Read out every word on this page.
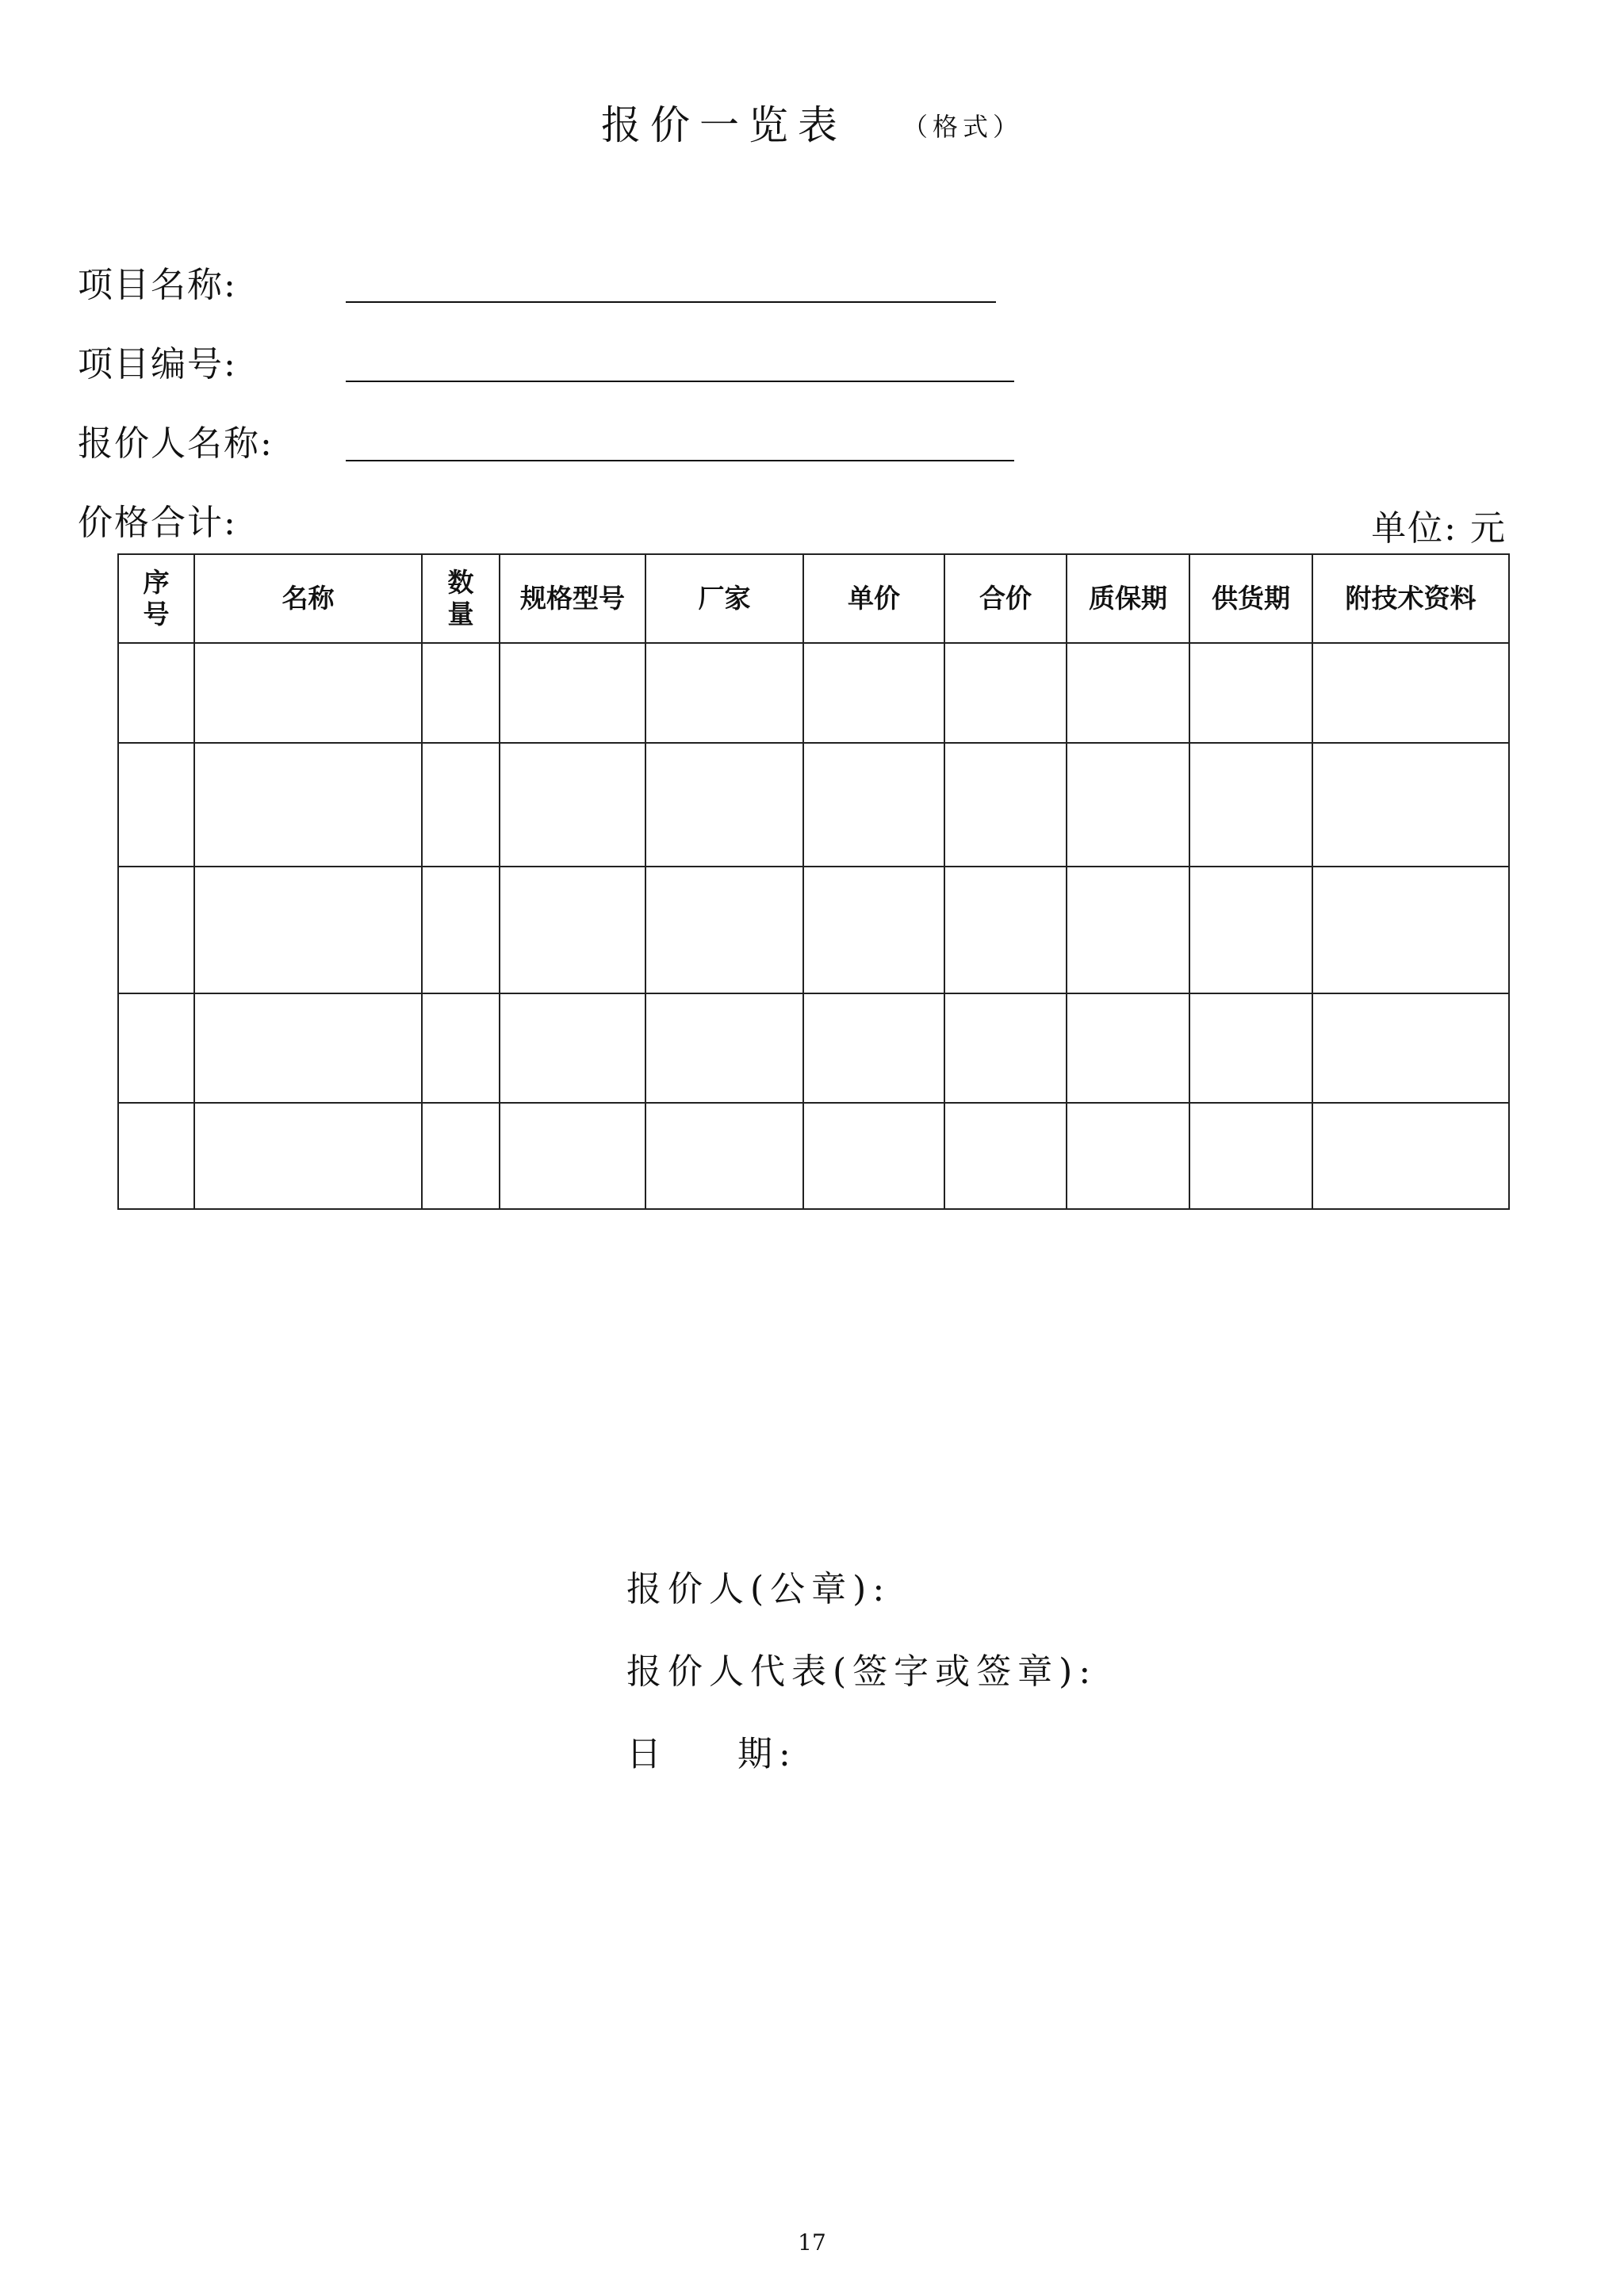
报价一览表 （格式）
项目名称:
项目编号:
报价人名称:
价格合计:	单位: 元
序号	名称	数量	规格型号	厂家	单价	合价	质保期	供货期	附技术资料

报价人(公章):
报价人代表(签字或签章):
日    期:
17
